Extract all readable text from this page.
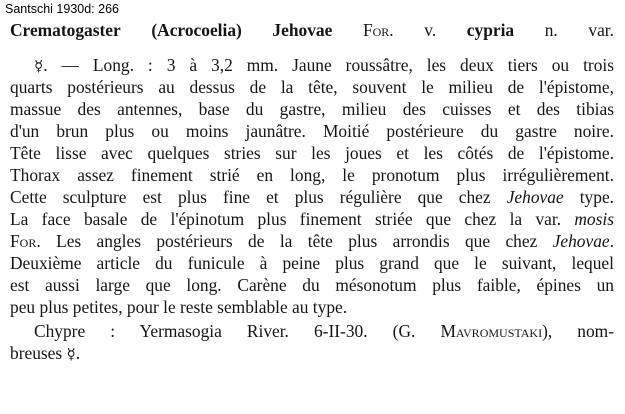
Santschi 1930d: 266
Crematogaster (Acrocoelia) Jehovae For. v. cypria n. var.
☿. — Long. : 3 à 3,2 mm. Jaune roussâtre, les deux tiers ou trois
quarts postérieurs au dessus de la tête, souvent le milieu de l'épistome,
massue des antennes, base du gastre, milieu des cuisses et des tibias
d'un brun plus ou moins jaunâtre. Moitié postérieure du gastre noire.
Tête lisse avec quelques stries sur les joues et les côtés de l'épistome.
Thorax assez finement strié en long, le pronotum plus irrégulièrement.
Cette sculpture est plus fine et plus régulière que chez Jehovae type.
La face basale de l'épinotum plus finement striée que chez la var. mosis
For. Les angles postérieurs de la tête plus arrondis que chez Jehovae.
Deuxième article du funicule à peine plus grand que le suivant, lequel
est aussi large que long. Carène du mésonotum plus faible, épines un
peu plus petites, pour le reste semblable au type.
Chypre : Yermasogia River. 6-II-30. (G. Mavromustaki), nom-
breuses ☿.
